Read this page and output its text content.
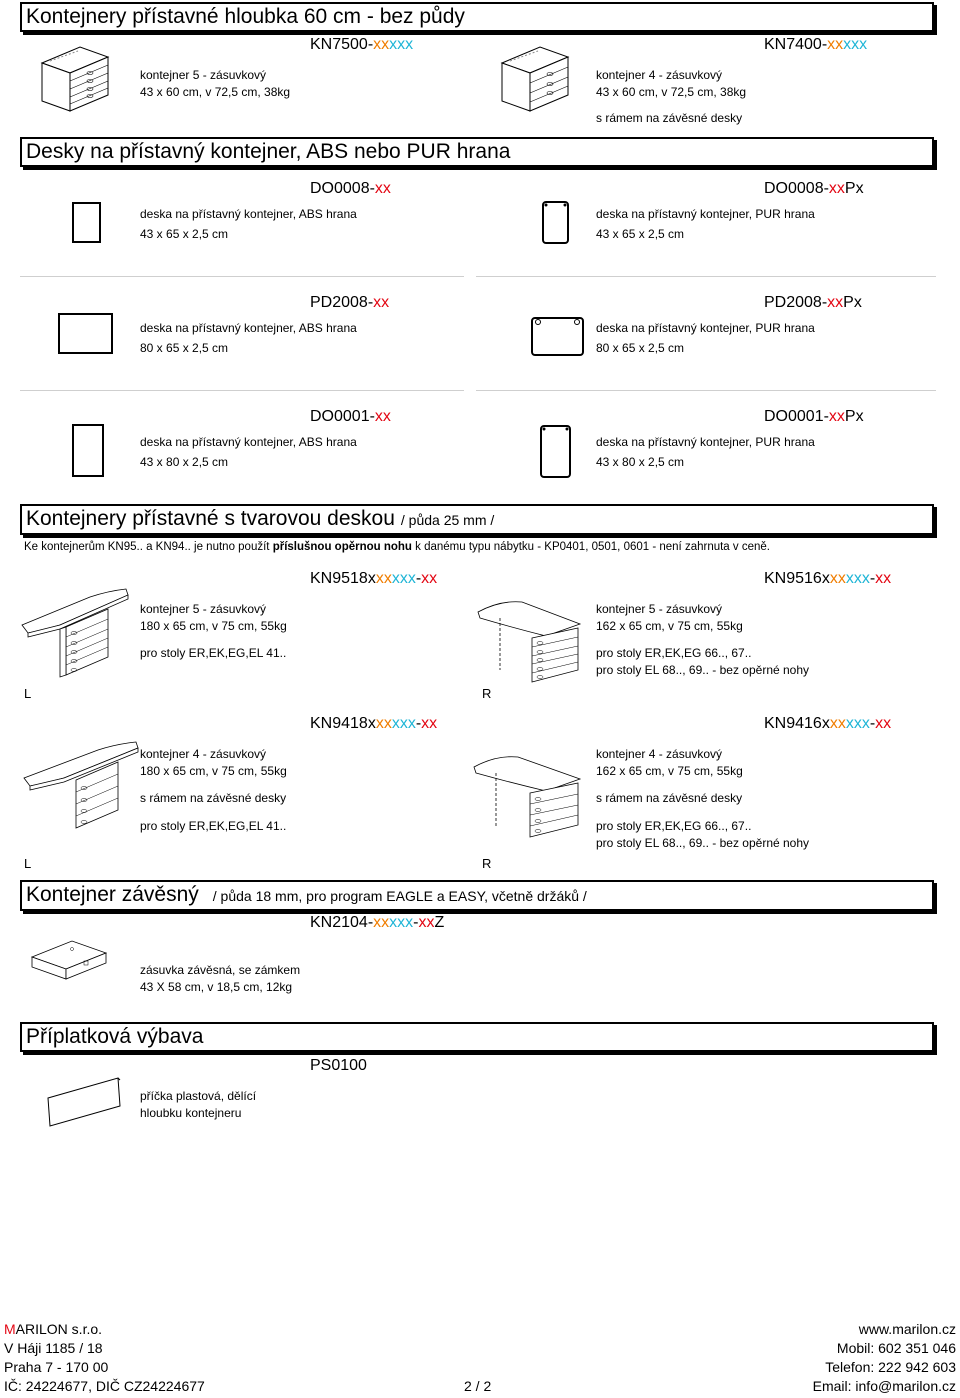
Kontejnery přístavné hloubka 60 cm - bez půdy
KN7500-xxxxx	KN7400-xxxxx
kontejner 5 - zásuvkový
43 x 60 cm, v 72,5 cm, 38kg
kontejner 4 - zásuvkový
43 x 60 cm, v 72,5 cm, 38kg
s rámem na závěsné desky
Desky na přístavný kontejner, ABS nebo PUR hrana
DO0008-xx	DO0008-xxPx
deska na přístavný kontejner, ABS hrana
43 x 65 x 2,5 cm
deska na přístavný kontejner, PUR hrana
43 x 65 x 2,5 cm
PD2008-xx	PD2008-xxPx
deska na přístavný kontejner, ABS hrana
80 x 65 x 2,5 cm
deska na přístavný kontejner, PUR hrana
80 x 65 x 2,5 cm
DO0001-xx	DO0001-xxPx
deska na přístavný kontejner, ABS hrana
43 x 80 x 2,5 cm
deska na přístavný kontejner, PUR hrana
43 x 80 x 2,5 cm
Kontejnery přístavné s tvarovou deskou / půda 25 mm /
Ke kontejnerům KN95.. a KN94.. je nutno použít příslušnou opěrnou nohu k danému typu nábytku - KP0401, 0501, 0601 - není zahrnuta v ceně.
KN9518xxxxxx-xx	KN9516xxxxxx-xx
kontejner 5 - zásuvkový
180 x 65 cm, v 75 cm, 55kg
pro stoly ER,EK,EG,EL 41..
L
kontejner 5 - zásuvkový
162 x 65 cm, v 75 cm, 55kg
pro stoly ER,EK,EG 66.., 67..
pro stoly EL 68.., 69.. - bez opěrné nohy
R
KN9418xxxxxx-xx	KN9416xxxxxx-xx
kontejner 4 - zásuvkový
180 x 65 cm, v 75 cm, 55kg
s rámem na závěsné desky
pro stoly ER,EK,EG,EL 41..
L
kontejner 4 - zásuvkový
162 x 65 cm, v 75 cm, 55kg
s rámem na závěsné desky
pro stoly ER,EK,EG 66.., 67..
pro stoly EL 68.., 69.. - bez opěrné nohy
R
Kontejner závěsný / půda 18 mm, pro program EAGLE a EASY, včetně držáků /
KN2104-xxxxx-xxZ
zásuvka závěsná, se zámkem
43 X 58 cm, v 18,5 cm, 12kg
Příplatková výbava
PS0100
příčka plastová, dělící
hloubku kontejneru
MARILON s.r.o.
V Háji 1185 / 18
Praha 7 - 170 00
IČ: 24224677, DIČ CZ24224677	2 / 2
www.marilon.cz
Mobil: 602 351 046
Telefon: 222 942 603
Email: info@marilon.cz
